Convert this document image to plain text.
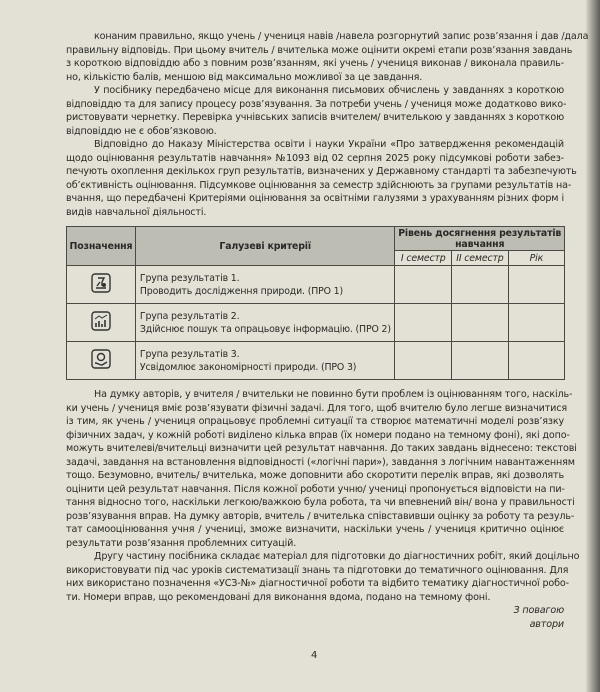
конаним правильно, якщо учень / учениця навів /навела розгорнутий запис розв’язання і дав /дала
правильну відповідь. При цьому вчитель / вчителька може оцінити окремі етапи розв’язання завдань
з короткою відповіддю або з повним розв’язанням, які учень / учениця виконав / виконала правиль-
но, кількістю балів, меншою від максимально можливої за це завдання.
У посібнику передбачено місце для виконання письмових обчислень у завданнях з короткою
відповіддю та для запису процесу розв’язування. За потреби учень / учениця може додатково вико-
ристовувати чернетку. Перевірка учнівських записів вчителем/ вчителькою у завданнях з короткою
відповіддю не є обов’язковою.
Відповідно до Наказу Міністерства освіти і науки України «Про затвердження рекомендацій
щодо оцінювання результатів навчання» №1093 від 02 серпня 2025 року підсумкові роботи забез-
печують охоплення декількох груп результатів, визначених у Державному стандарті та забезпечують
об’єктивність оцінювання. Підсумкове оцінювання за семестр здійснюють за групами результатів на-
вчання, що передбачені Критеріями оцінювання за освітніми галузями з урахуванням різних форм і
видів навчальної діяльності.
Позначення	Галузеві критерії	Рівень досягнення результатів навчання		
		I семестр	II семестр	Рік

Група результатів 1.
Проводить дослідження природи. (ПРО 1)			

Група результатів 2.
Здійснює пошук та опрацьовує інформацію. (ПРО 2)			

Група результатів 3.
Усвідомлює закономірності природи. (ПРО 3)			

На думку авторів, у вчителя / вчительки не повинно бути проблем із оцінюванням того, наскіль-
ки учень / учениця вміє розв’язувати фізичні задачі. Для того, щоб вчителю було легше визначитися
із тим, як учень / учениця опрацьовує проблемні ситуації та створює математичні моделі розв’язку
фізичних задач, у кожній роботі виділено кілька вправ (їх номери подано на темному фоні), які допо-
можуть вчителеві/вчительці визначити цей результат навчання. До таких завдань віднесено: текстові
задачі, завдання на встановлення відповідності («логічні пари»), завдання з логічним навантаженням
тощо. Безумовно, вчитель/ вчителька, може доповнити або скоротити перелік вправ, які дозволять
оцінити цей результат навчання. Після кожної роботи учню/ учениці пропонується відповісти на пи-
тання відносно того, наскільки легкою/важкою була робота, та чи впевнений він/ вона у правильності
розв’язування вправ. На думку авторів, вчитель / вчителька співставивши оцінку за роботу та резуль-
тат самооцінювання учня / учениці, зможе визначити, наскільки учень / учениця критично оцінює
результати розв’язання проблемних ситуацій.
Другу частину посібника складає матеріал для підготовки до діагностичних робіт, який доцільно
використовувати під час уроків систематизації знань та підготовки до тематичного оцінювання. Для
них використано позначення «УСЗ-№» діагностичної роботи та відбито тематику діагностичної робо-
ти. Номери вправ, що рекомендовані для виконання вдома, подано на темному фоні.
З повагою
автори
4
